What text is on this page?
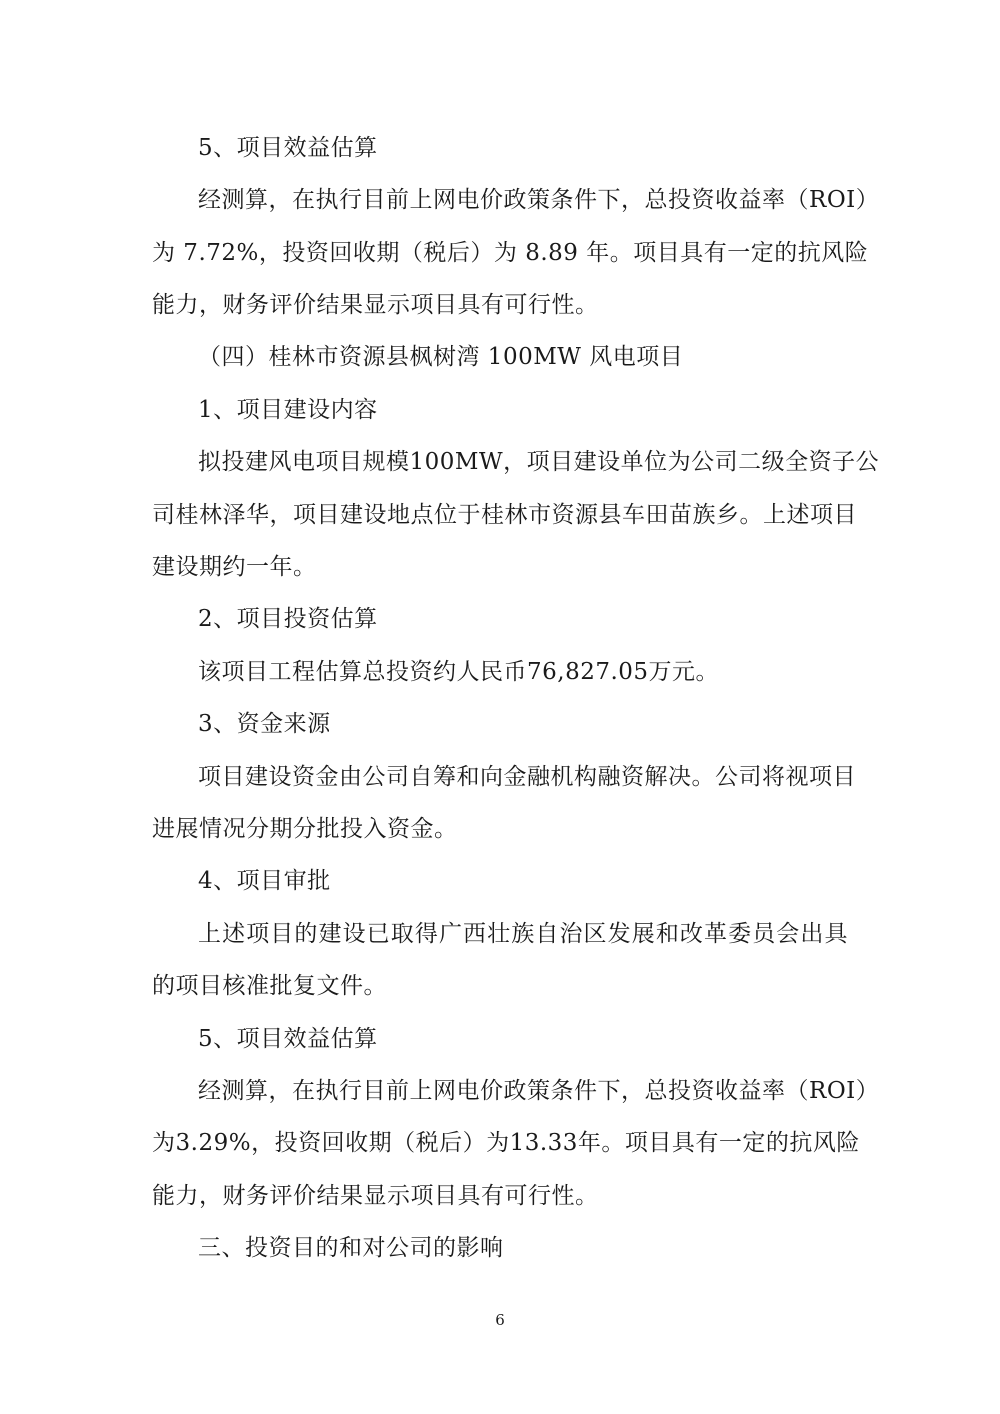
5、项目效益估算
经测算，在执行目前上网电价政策条件下，总投资收益率（ROI）
为 7.72%，投资回收期（税后）为 8.89 年。项目具有一定的抗风险
能力，财务评价结果显示项目具有可行性。
（四）桂林市资源县枫树湾 100MW 风电项目
1、项目建设内容
拟投建风电项目规模100MW，项目建设单位为公司二级全资子公
司桂林泽华，项目建设地点位于桂林市资源县车田苗族乡。上述项目
建设期约一年。
2、项目投资估算
该项目工程估算总投资约人民币76,827.05万元。
3、资金来源
项目建设资金由公司自筹和向金融机构融资解决。公司将视项目
进展情况分期分批投入资金。
4、项目审批
上述项目的建设已取得广西壮族自治区发展和改革委员会出具
的项目核准批复文件。
5、项目效益估算
经测算，在执行目前上网电价政策条件下，总投资收益率（ROI）
为3.29%，投资回收期（税后）为13.33年。项目具有一定的抗风险
能力，财务评价结果显示项目具有可行性。
三、投资目的和对公司的影响
6
